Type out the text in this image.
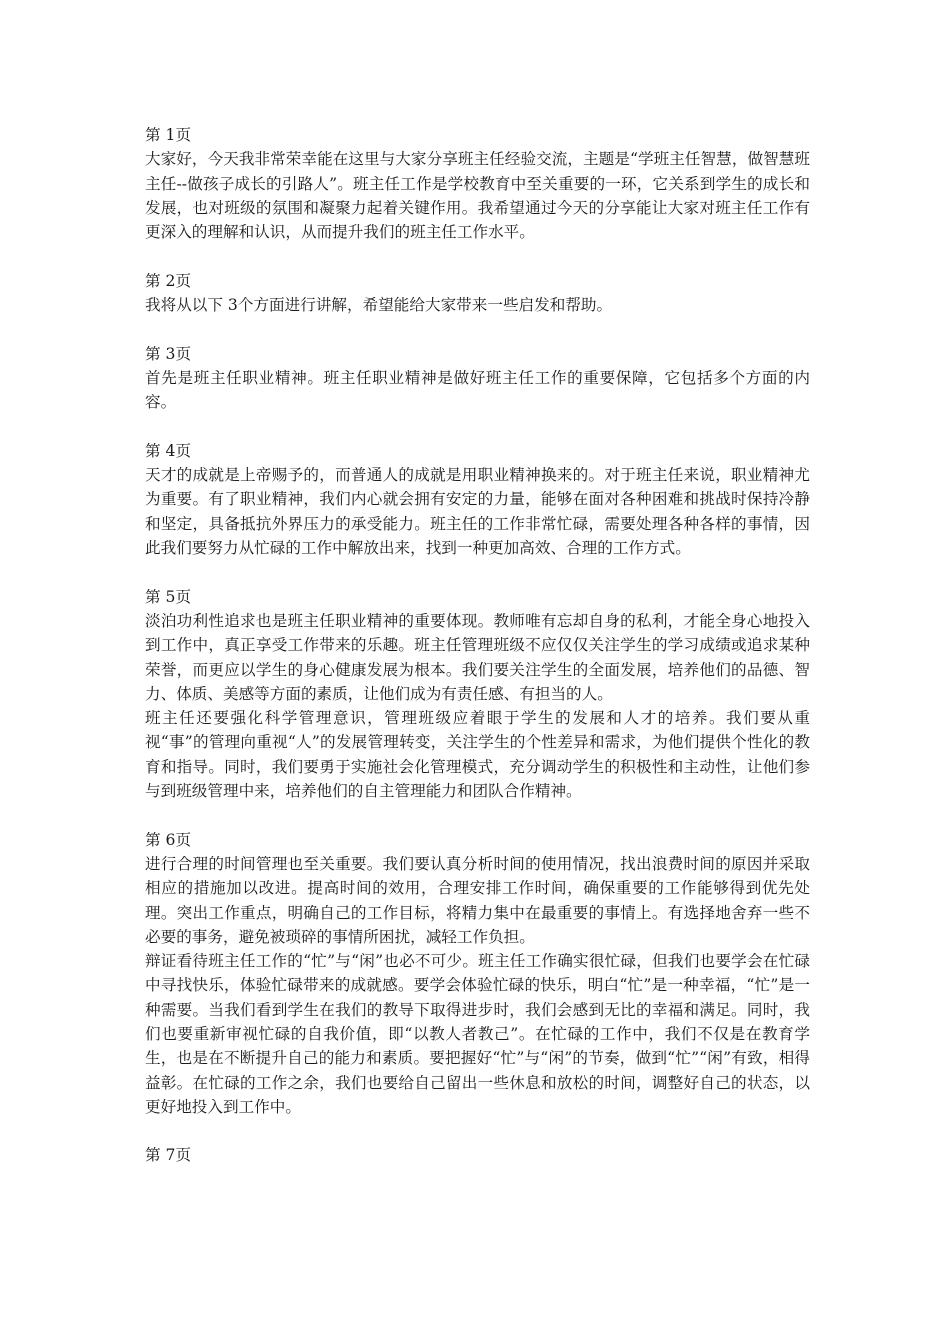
第 1页

大家好，今天我非常荣幸能在这里与大家分享班主任经验交流，主题是“学班主任智慧，做智慧班主任--做孩子成长的引路人”。班主任工作是学校教育中至关重要的一环，它关系到学生的成长和发展，也对班级的氛围和凝聚力起着关键作用。我希望通过今天的分享能让大家对班主任工作有更深入的理解和认识，从而提升我们的班主任工作水平。

第 2页

我将从以下 3个方面进行讲解，希望能给大家带来一些启发和帮助。

第 3页

首先是班主任职业精神。班主任职业精神是做好班主任工作的重要保障，它包括多个方面的内容。

第 4页

天才的成就是上帝赐予的，而普通人的成就是用职业精神换来的。对于班主任来说，职业精神尤为重要。有了职业精神，我们内心就会拥有安定的力量，能够在面对各种困难和挑战时保持冷静和坚定，具备抵抗外界压力的承受能力。班主任的工作非常忙碌，需要处理各种各样的事情，因此我们要努力从忙碌的工作中解放出来，找到一种更加高效、合理的工作方式。

第 5页

淡泊功利性追求也是班主任职业精神的重要体现。教师唯有忘却自身的私利，才能全身心地投入到工作中，真正享受工作带来的乐趣。班主任管理班级不应仅仅关注学生的学习成绩或追求某种荣誉，而更应以学生的身心健康发展为根本。我们要关注学生的全面发展，培养他们的品德、智力、体质、美感等方面的素质，让他们成为有责任感、有担当的人。

班主任还要强化科学管理意识，管理班级应着眼于学生的发展和人才的培养。我们要从重视“事”的管理向重视“人”的发展管理转变，关注学生的个性差异和需求，为他们提供个性化的教育和指导。同时，我们要勇于实施社会化管理模式，充分调动学生的积极性和主动性，让他们参与到班级管理中来，培养他们的自主管理能力和团队合作精神。

第 6页

进行合理的时间管理也至关重要。我们要认真分析时间的使用情况，找出浪费时间的原因并采取相应的措施加以改进。提高时间的效用，合理安排工作时间，确保重要的工作能够得到优先处理。突出工作重点，明确自己的工作目标，将精力集中在最重要的事情上。有选择地舍弃一些不必要的事务，避免被琐碎的事情所困扰，减轻工作负担。

辩证看待班主任工作的“忙”与“闲”也必不可少。班主任工作确实很忙碌，但我们也要学会在忙碌中寻找快乐，体验忙碌带来的成就感。要学会体验忙碌的快乐，明白“忙”是一种幸福，“忙”是一种需要。当我们看到学生在我们的教导下取得进步时，我们会感到无比的幸福和满足。同时，我们也要重新审视忙碌的自我价值，即“以教人者教己”。在忙碌的工作中，我们不仅是在教育学生，也是在不断提升自己的能力和素质。要把握好“忙”与“闲”的节奏，做到“忙”“闲”有致，相得益彰。在忙碌的工作之余，我们也要给自己留出一些休息和放松的时间，调整好自己的状态，以更好地投入到工作中。

第 7页
